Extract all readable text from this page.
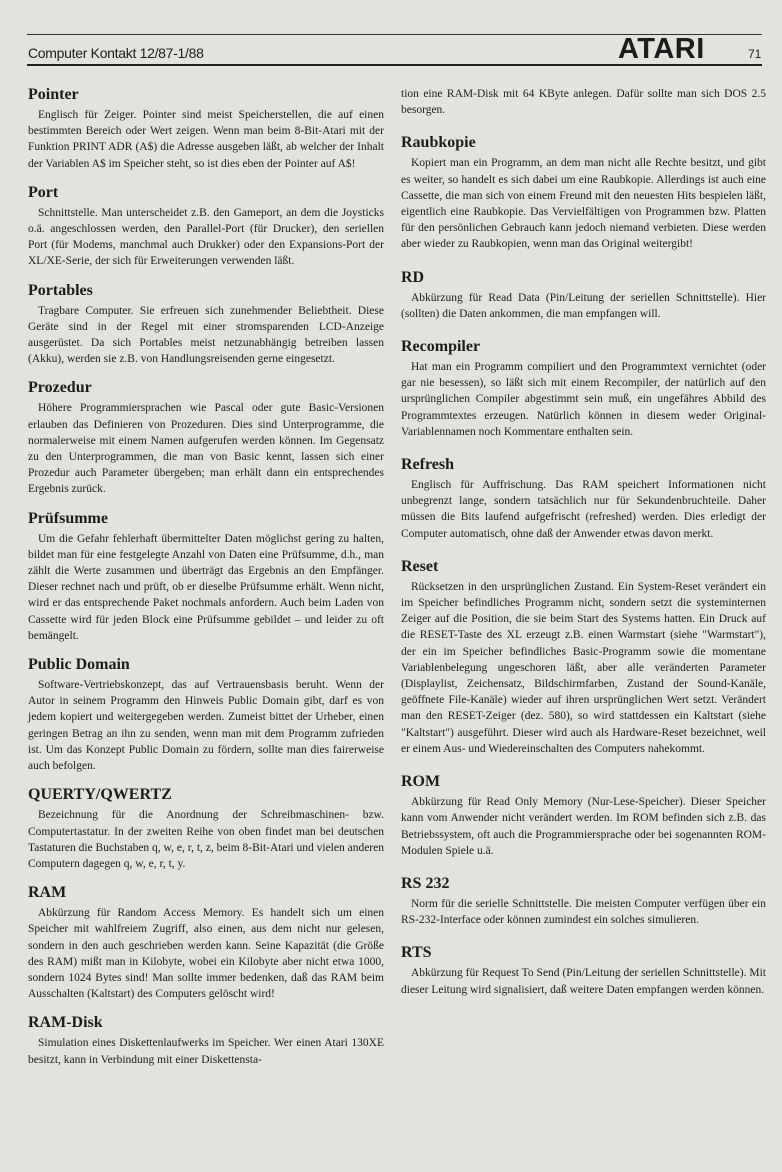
Computer Kontakt 12/87-1/88	ATARI	71
Pointer

Englisch für Zeiger. Pointer sind meist Speicherstellen, die auf einen bestimmten Bereich oder Wert zeigen. Wenn man beim 8-Bit-Atari mit der Funktion PRINT ADR (A$) die Adresse ausgeben läßt, ab welcher der Inhalt der Variablen A$ im Speicher steht, so ist dies eben der Pointer auf A$!

Port

Schnittstelle. Man unterscheidet z.B. den Gameport, an dem die Joysticks o.ä. angeschlossen werden, den Parallel-Port (für Drucker), den seriellen Port (für Modems, manchmal auch Drukker) oder den Expansions-Port der XL/XE-Serie, der sich für Erweiterungen verwenden läßt.

Portables

Tragbare Computer. Sie erfreuen sich zunehmender Beliebtheit. Diese Geräte sind in der Regel mit einer stromsparenden LCD-Anzeige ausgerüstet. Da sich Portables meist netzunabhängig betreiben lassen (Akku), werden sie z.B. von Handlungsreisenden gerne eingesetzt.

Prozedur

Höhere Programmiersprachen wie Pascal oder gute Basic-Versionen erlauben das Definieren von Prozeduren. Dies sind Unterprogramme, die normalerweise mit einem Namen aufgerufen werden können. Im Gegensatz zu den Unterprogrammen, die man von Basic kennt, lassen sich einer Prozedur auch Parameter übergeben; man erhält dann ein entsprechendes Ergebnis zurück.

Prüfsumme

Um die Gefahr fehlerhaft übermittelter Daten möglichst gering zu halten, bildet man für eine festgelegte Anzahl von Daten eine Prüfsumme, d.h., man zählt die Werte zusammen und überträgt das Ergebnis an den Empfänger. Dieser rechnet nach und prüft, ob er dieselbe Prüfsumme erhält. Wenn nicht, wird er das entsprechende Paket nochmals anfordern. Auch beim Laden von Cassette wird für jeden Block eine Prüfsumme gebildet – und leider zu oft bemängelt.

Public Domain

Software-Vertriebskonzept, das auf Vertrauensbasis beruht. Wenn der Autor in seinem Programm den Hinweis Public Domain gibt, darf es von jedem kopiert und weitergegeben werden. Zumeist bittet der Urheber, einen geringen Betrag an ihn zu senden, wenn man mit dem Programm zufrieden ist. Um das Konzept Public Domain zu fördern, sollte man dies fairerweise auch befolgen.

QUERTY/QWERTZ

Bezeichnung für die Anordnung der Schreibmaschinen- bzw. Computertastatur. In der zweiten Reihe von oben findet man bei deutschen Tastaturen die Buchstaben q, w, e, r, t, z, beim 8-Bit-Atari und vielen anderen Computern dagegen q, w, e, r, t, y.

RAM

Abkürzung für Random Access Memory. Es handelt sich um einen Speicher mit wahlfreiem Zugriff, also einen, aus dem nicht nur gelesen, sondern in den auch geschrieben werden kann. Seine Kapazität (die Größe des RAM) mißt man in Kilobyte, wobei ein Kilobyte aber nicht etwa 1000, sondern 1024 Bytes sind! Man sollte immer bedenken, daß das RAM beim Ausschalten (Kaltstart) des Computers gelöscht wird!

RAM-Disk

Simulation eines Diskettenlaufwerks im Speicher. Wer einen Atari 130XE besitzt, kann in Verbindung mit einer Diskettensta-

tion eine RAM-Disk mit 64 KByte anlegen. Dafür sollte man sich DOS 2.5 besorgen.

Raubkopie

Kopiert man ein Programm, an dem man nicht alle Rechte besitzt, und gibt es weiter, so handelt es sich dabei um eine Raubkopie. Allerdings ist auch eine Cassette, die man sich von einem Freund mit den neuesten Hits bespielen läßt, eigentlich eine Raubkopie. Das Vervielfältigen von Programmen bzw. Platten für den persönlichen Gebrauch kann jedoch niemand verbieten. Diese werden aber wieder zu Raubkopien, wenn man das Original weitergibt!

RD

Abkürzung für Read Data (Pin/Leitung der seriellen Schnittstelle). Hier (sollten) die Daten ankommen, die man empfangen will.

Recompiler

Hat man ein Programm compiliert und den Programmtext vernichtet (oder gar nie besessen), so läßt sich mit einem Recompiler, der natürlich auf den ursprünglichen Compiler abgestimmt sein muß, ein ungefähres Abbild des Programmtextes erzeugen. Natürlich können in diesem weder Original-Variablennamen noch Kommentare enthalten sein.

Refresh

Englisch für Auffrischung. Das RAM speichert Informationen nicht unbegrenzt lange, sondern tatsächlich nur für Sekundenbruchteile. Daher müssen die Bits laufend aufgefrischt (refreshed) werden. Dies erledigt der Computer automatisch, ohne daß der Anwender etwas davon merkt.

Reset

Rücksetzen in den ursprünglichen Zustand. Ein System-Reset verändert ein im Speicher befindliches Programm nicht, sondern setzt die systeminternen Zeiger auf die Position, die sie beim Start des Systems hatten. Ein Druck auf die RESET-Taste des XL erzeugt z.B. einen Warmstart (siehe "Warmstart"), der ein im Speicher befindliches Basic-Programm sowie die momentane Variablenbelegung ungeschoren läßt, aber alle veränderten Parameter (Displaylist, Zeichensatz, Bildschirmfarben, Zustand der Sound-Kanäle, geöffnete File-Kanäle) wieder auf ihren ursprünglichen Wert setzt. Verändert man den RESET-Zeiger (dez. 580), so wird stattdessen ein Kaltstart (siehe "Kaltstart") ausgeführt. Dieser wird auch als Hardware-Reset bezeichnet, weil er einem Aus- und Wiedereinschalten des Computers nahekommt.

ROM

Abkürzung für Read Only Memory (Nur-Lese-Speicher). Dieser Speicher kann vom Anwender nicht verändert werden. Im ROM befinden sich z.B. das Betriebssystem, oft auch die Programmiersprache oder bei sogenannten ROM-Modulen Spiele u.ä.

RS 232

Norm für die serielle Schnittstelle. Die meisten Computer verfügen über ein RS-232-Interface oder können zumindest ein solches simulieren.

RTS

Abkürzung für Request To Send (Pin/Leitung der seriellen Schnittstelle). Mit dieser Leitung wird signalisiert, daß weitere Daten empfangen werden können.
